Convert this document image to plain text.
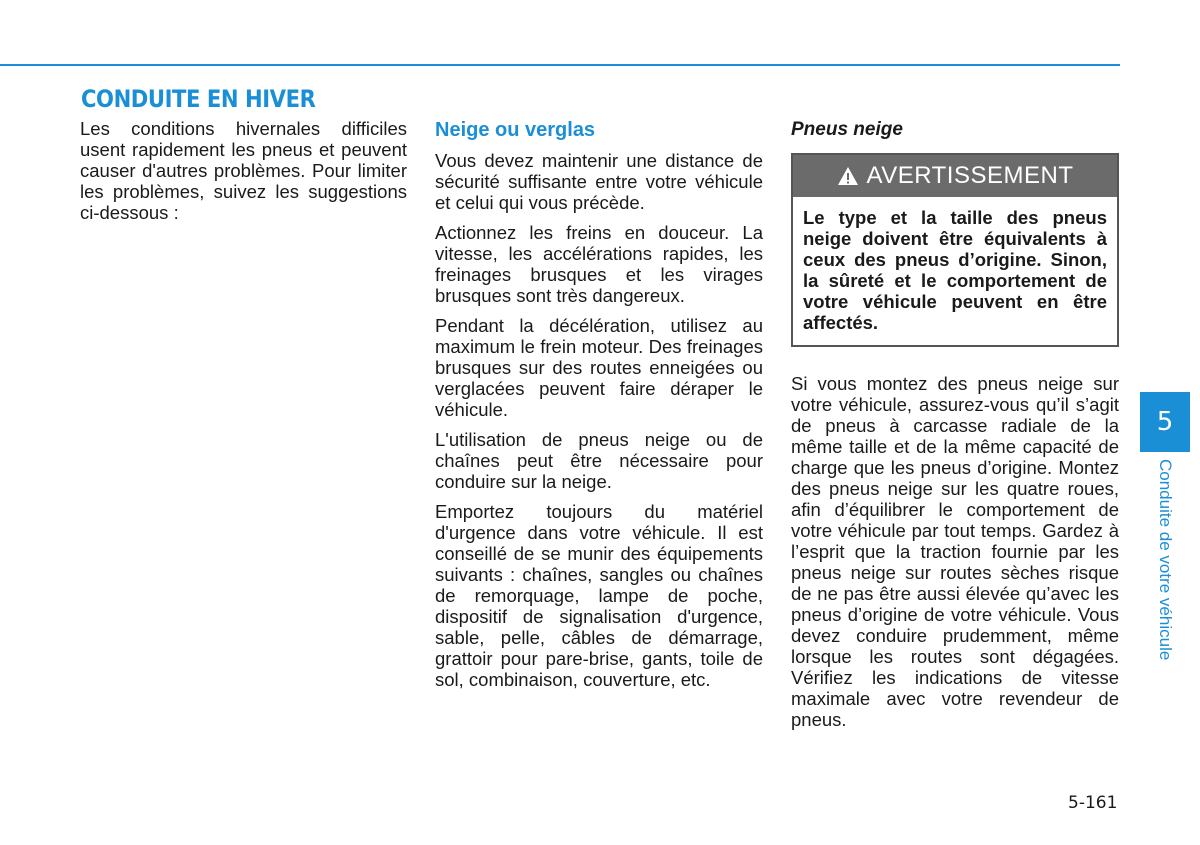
CONDUITE EN HIVER

Les conditions hivernales difficiles usent rapidement les pneus et peuvent causer d'autres problèmes. Pour limiter les problèmes, suivez les suggestions ci-dessous :

Neige ou verglas

Vous devez maintenir une distance de sécurité suffisante entre votre véhicule et celui qui vous précède.

Actionnez les freins en douceur. La vitesse, les accélérations rapides, les freinages brusques et les virages brusques sont très dangereux.

Pendant la décélération, utilisez au maximum le frein moteur. Des freinages brusques sur des routes enneigées ou verglacées peuvent faire déraper le véhicule.

L'utilisation de pneus neige ou de chaînes peut être nécessaire pour conduire sur la neige.

Emportez toujours du matériel d'urgence dans votre véhicule. Il est conseillé de se munir des équipements suivants : chaînes, sangles ou chaînes de remorquage, lampe de poche, dispositif de signalisation d'urgence, sable, pelle, câbles de démarrage, grattoir pour pare-brise, gants, toile de sol, combinaison, couverture, etc.

Pneus neige
AVERTISSEMENT

Le type et la taille des pneus neige doivent être équivalents à ceux des pneus d’origine. Sinon, la sûreté et le comportement de votre véhicule peuvent en être affectés.

Si vous montez des pneus neige sur votre véhicule, assurez-vous qu’il s’agit de pneus à carcasse radiale de la même taille et de la même capacité de charge que les pneus d’origine. Montez des pneus neige sur les quatre roues, afin d’équilibrer le comportement de votre véhicule par tout temps. Gardez à l’esprit que la traction fournie par les pneus neige sur routes sèches risque de ne pas être aussi élevée qu’avec les pneus d’origine de votre véhicule. Vous devez conduire prudemment, même lorsque les routes sont dégagées. Vérifiez les indications de vitesse maximale avec votre revendeur de pneus.

5
Conduite de votre véhicule
5-161
